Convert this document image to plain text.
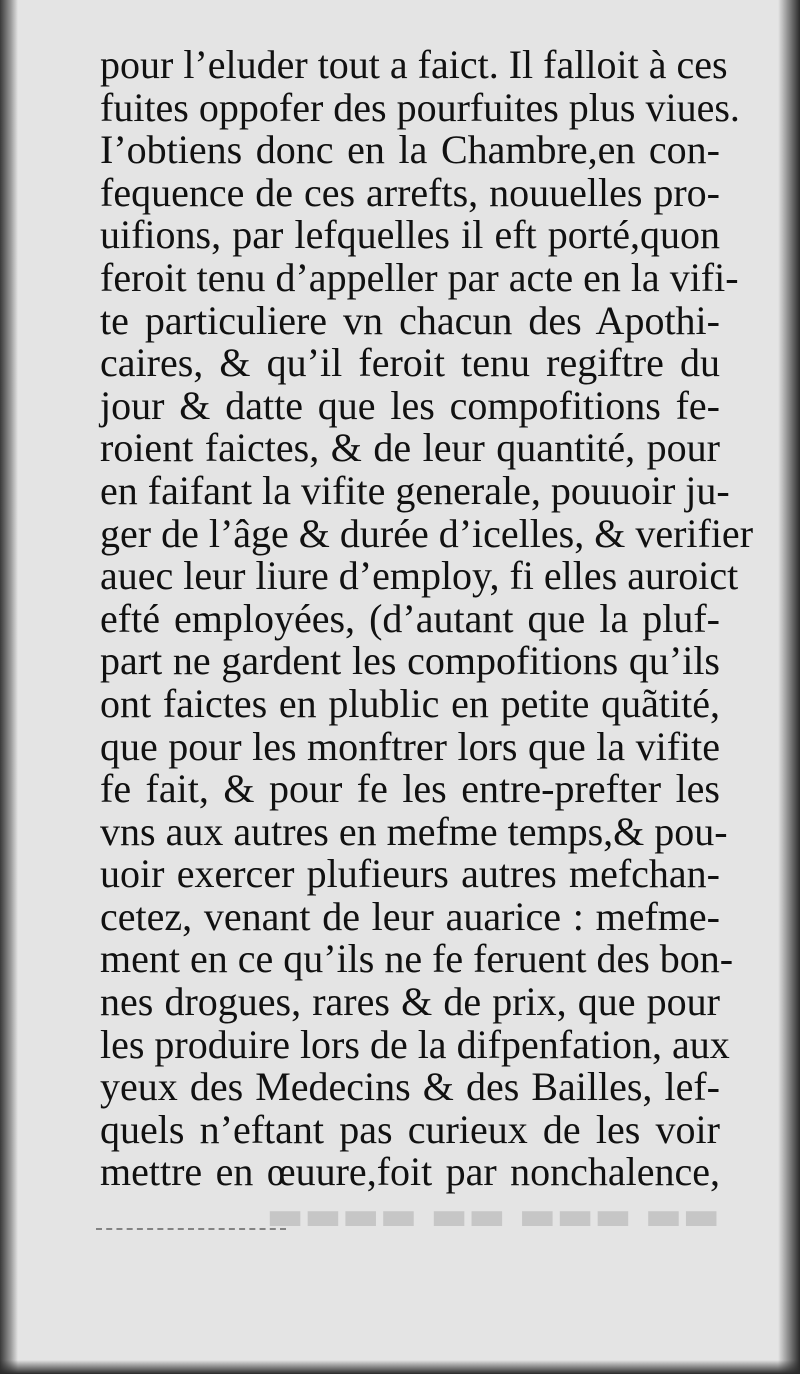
▬▬ ▬▬▬ ▬▬ ▬▬▬▬
pour l’eluder tout a faict. Il falloit à ces
fuites oppofer des pourfuites plus viues.
I’obtiens donc en la Chambre,en con-
fequence de ces arrefts, nouuelles pro-
uifions, par lefquelles il eft porté,quon
feroit tenu d’appeller par acte en la vifi-
te particuliere vn chacun des Apothi-
caires, & qu’il feroit tenu regiftre du
jour & datte que les compofitions fe-
roient faictes, & de leur quantité, pour
en faifant la vifite generale, pouuoir ju-
ger de l’âge & durée d’icelles, & verifier
auec leur liure d’employ, fi elles auroict
efté employées, (d’autant que la pluf-
part ne gardent les compofitions qu’ils
ont faictes en plublic en petite quãtité,
que pour les monftrer lors que la vifite
fe fait, & pour fe les entre-prefter les
vns aux autres en mefme temps,& pou-
uoir exercer plufieurs autres mefchan-
cetez, venant de leur auarice : mefme-
ment en ce qu’ils ne fe feruent des bon-
nes drogues, rares & de prix, que pour
les produire lors de la difpenfation, aux
yeux des Medecins & des Bailles, lef-
quels n’eftant pas curieux de les voir
mettre en œuure,foit par nonchalence,
